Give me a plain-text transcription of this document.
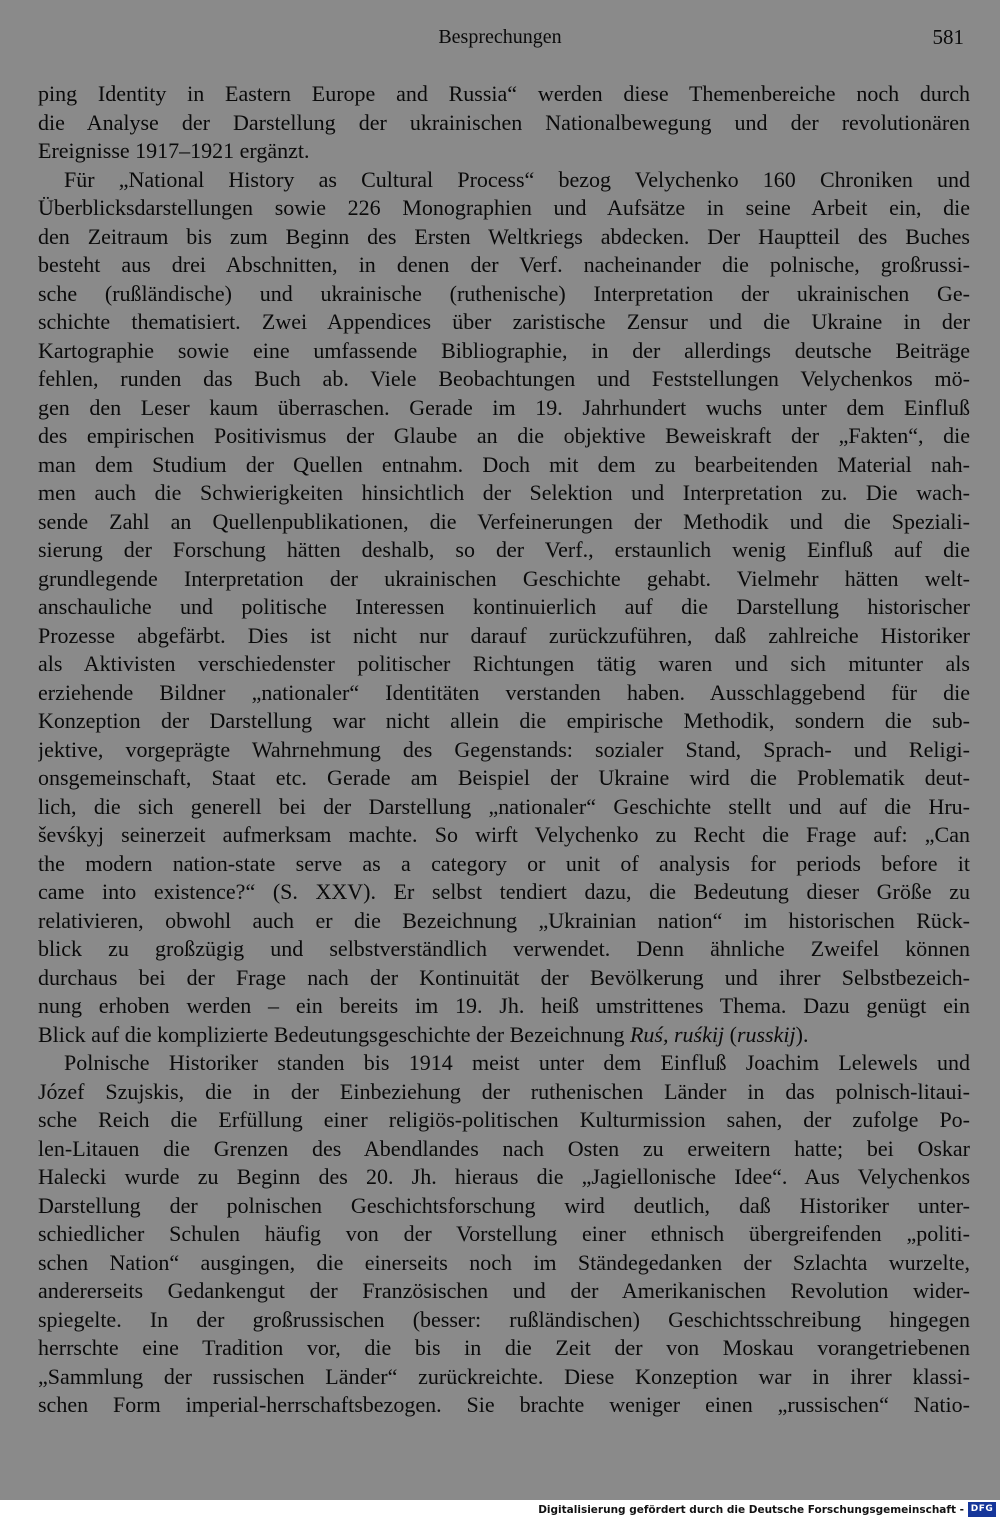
Besprechungen	581
ping Identity in Eastern Europe and Russia“ werden diese Themenbereiche noch durch
die Analyse der Darstellung der ukrainischen Nationalbewegung und der revolutionären
Ereignisse 1917–1921 ergänzt.
Für „National History as Cultural Process“ bezog Velychenko 160 Chroniken und
Überblicksdarstellungen sowie 226 Monographien und Aufsätze in seine Arbeit ein, die
den Zeitraum bis zum Beginn des Ersten Weltkriegs abdecken. Der Hauptteil des Buches
besteht aus drei Abschnitten, in denen der Verf. nacheinander die polnische, großrussi-
sche (rußländische) und ukrainische (ruthenische) Interpretation der ukrainischen Ge-
schichte thematisiert. Zwei Appendices über zaristische Zensur und die Ukraine in der
Kartographie sowie eine umfassende Bibliographie, in der allerdings deutsche Beiträge
fehlen, runden das Buch ab. Viele Beobachtungen und Feststellungen Velychenkos mö-
gen den Leser kaum überraschen. Gerade im 19. Jahrhundert wuchs unter dem Einfluß
des empirischen Positivismus der Glaube an die objektive Beweiskraft der „Fakten“, die
man dem Studium der Quellen entnahm. Doch mit dem zu bearbeitenden Material nah-
men auch die Schwierigkeiten hinsichtlich der Selektion und Interpretation zu. Die wach-
sende Zahl an Quellenpublikationen, die Verfeinerungen der Methodik und die Speziali-
sierung der Forschung hätten deshalb, so der Verf., erstaunlich wenig Einfluß auf die
grundlegende Interpretation der ukrainischen Geschichte gehabt. Vielmehr hätten welt-
anschauliche und politische Interessen kontinuierlich auf die Darstellung historischer
Prozesse abgefärbt. Dies ist nicht nur darauf zurückzuführen, daß zahlreiche Historiker
als Aktivisten verschiedenster politischer Richtungen tätig waren und sich mitunter als
erziehende Bildner „nationaler“ Identitäten verstanden haben. Ausschlaggebend für die
Konzeption der Darstellung war nicht allein die empirische Methodik, sondern die sub-
jektive, vorgeprägte Wahrnehmung des Gegenstands: sozialer Stand, Sprach- und Religi-
onsgemeinschaft, Staat etc. Gerade am Beispiel der Ukraine wird die Problematik deut-
lich, die sich generell bei der Darstellung „nationaler“ Geschichte stellt und auf die Hru-
ševśkyj seinerzeit aufmerksam machte. So wirft Velychenko zu Recht die Frage auf: „Can
the modern nation-state serve as a category or unit of analysis for periods before it
came into existence?“ (S. XXV). Er selbst tendiert dazu, die Bedeutung dieser Größe zu
relativieren, obwohl auch er die Bezeichnung „Ukrainian nation“ im historischen Rück-
blick zu großzügig und selbstverständlich verwendet. Denn ähnliche Zweifel können
durchaus bei der Frage nach der Kontinuität der Bevölkerung und ihrer Selbstbezeich-
nung erhoben werden – ein bereits im 19. Jh. heiß umstrittenes Thema. Dazu genügt ein
Blick auf die komplizierte Bedeutungsgeschichte der Bezeichnung Ruś, ruśkij (russkij).
Polnische Historiker standen bis 1914 meist unter dem Einfluß Joachim Lelewels und
Józef Szujskis, die in der Einbeziehung der ruthenischen Länder in das polnisch-litaui-
sche Reich die Erfüllung einer religiös-politischen Kulturmission sahen, der zufolge Po-
len-Litauen die Grenzen des Abendlandes nach Osten zu erweitern hatte; bei Oskar
Halecki wurde zu Beginn des 20. Jh. hieraus die „Jagiellonische Idee“. Aus Velychenkos
Darstellung der polnischen Geschichtsforschung wird deutlich, daß Historiker unter-
schiedlicher Schulen häufig von der Vorstellung einer ethnisch übergreifenden „politi-
schen Nation“ ausgingen, die einerseits noch im Ständegedanken der Szlachta wurzelte,
andererseits Gedankengut der Französischen und der Amerikanischen Revolution wider-
spiegelte. In der großrussischen (besser: rußländischen) Geschichtsschreibung hingegen
herrschte eine Tradition vor, die bis in die Zeit der von Moskau vorangetriebenen
„Sammlung der russischen Länder“ zurückreichte. Diese Konzeption war in ihrer klassi-
schen Form imperial-herrschaftsbezogen. Sie brachte weniger einen „russischen“ Natio-
Digitalisierung gefördert durch die Deutsche Forschungsgemeinschaft - DFG
